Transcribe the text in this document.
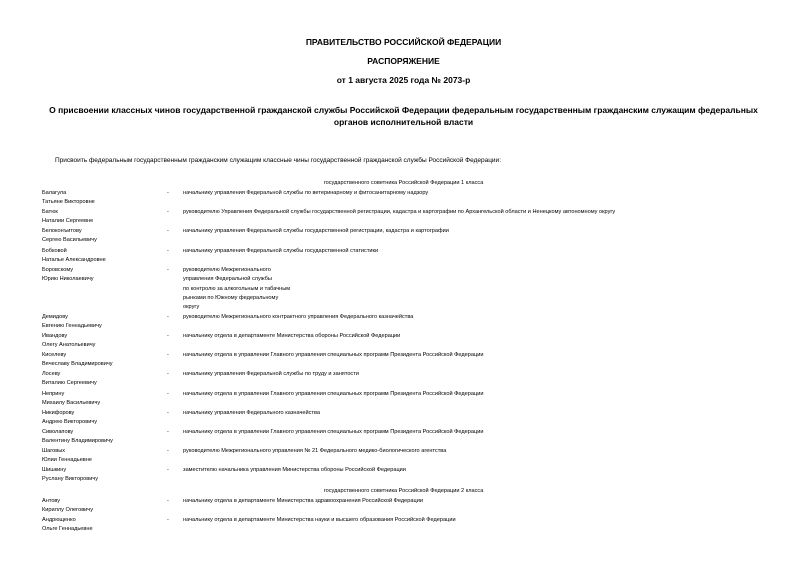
ПРАВИТЕЛЬСТВО РОССИЙСКОЙ ФЕДЕРАЦИИ
РАСПОРЯЖЕНИЕ
от 1 августа 2025 года № 2073-р
О присвоении классных чинов государственной гражданской службы Российской Федерации федеральным государственным гражданским служащим федеральных органов исполнительной власти
Присвоить федеральным государственным гражданским служащим классные чины государственной гражданской службы Российской Федерации:
государственного советника Российской Федерации 1 класса
Балагула
Татьяне Викторовне
-	начальнику управления Федеральной службы по ветеринарному и фитосанитарному надзору
Батюк
Наталии Сергеевне
-	руководителю Управления Федеральной службы государственной регистрации, кадастра и картографии по Архангельской области и Ненецкому автономному округу
Белоконъитову
Сергею Васильевичу
-	начальнику управления Федеральной службы государственной регистрации, кадастра и картографии
Бобковой
Наталье Александровне
-	начальнику управления Федеральной службы государственной статистики
Боровскому
Юрию Николаевичу
-	руководителю Межрегионального
управления Федеральной службы
по контролю за алкогольным и табачным
рынками по Южному федеральному
округу
Демидову
Евгению Геннадьевичу
-	руководителю Межрегионального контрактного управления Федерального казначейства
Ивандову
Олегу Анатольевичу
-	начальнику отдела в департаменте Министерства обороны Российской Федерации
Киселеву
Вячеславу Владимировичу
-	начальнику отдела в управлении Главного управления специальных программ Президента Российской Федерации
Лосеву
Виталию Сергеевичу
-	начальнику управления Федеральной службы по труду и занятости
Неприну
Михаилу Васильевичу
-	начальнику отдела в управлении Главного управления специальных программ Президента Российской Федерации
Никифорову
Андрею Викторовичу
-	начальнику управления Федерального казначейства
Сиволапову
Валентину Владимировичу
-	начальнику отдела в управлении Главного управления специальных программ Президента Российской Федерации
Шаговых
Юлии Геннадьевне
-	руководителю Межрегионального управления № 21 Федерального медико-биологического агентства
Шишкину
Руслану Викторовичу
-	заместителю начальника управления Министерства обороны Российской Федерации
государственного советника Российской Федерации 2 класса
Антову
Кириллу Олеговичу
-	начальнику отдела в департаменте Министерства здравоохранения Российской Федерации
Андрющенко
Ольге Геннадьевне
-	начальнику отдела в департаменте Министерства науки и высшего образования Российской Федерации
